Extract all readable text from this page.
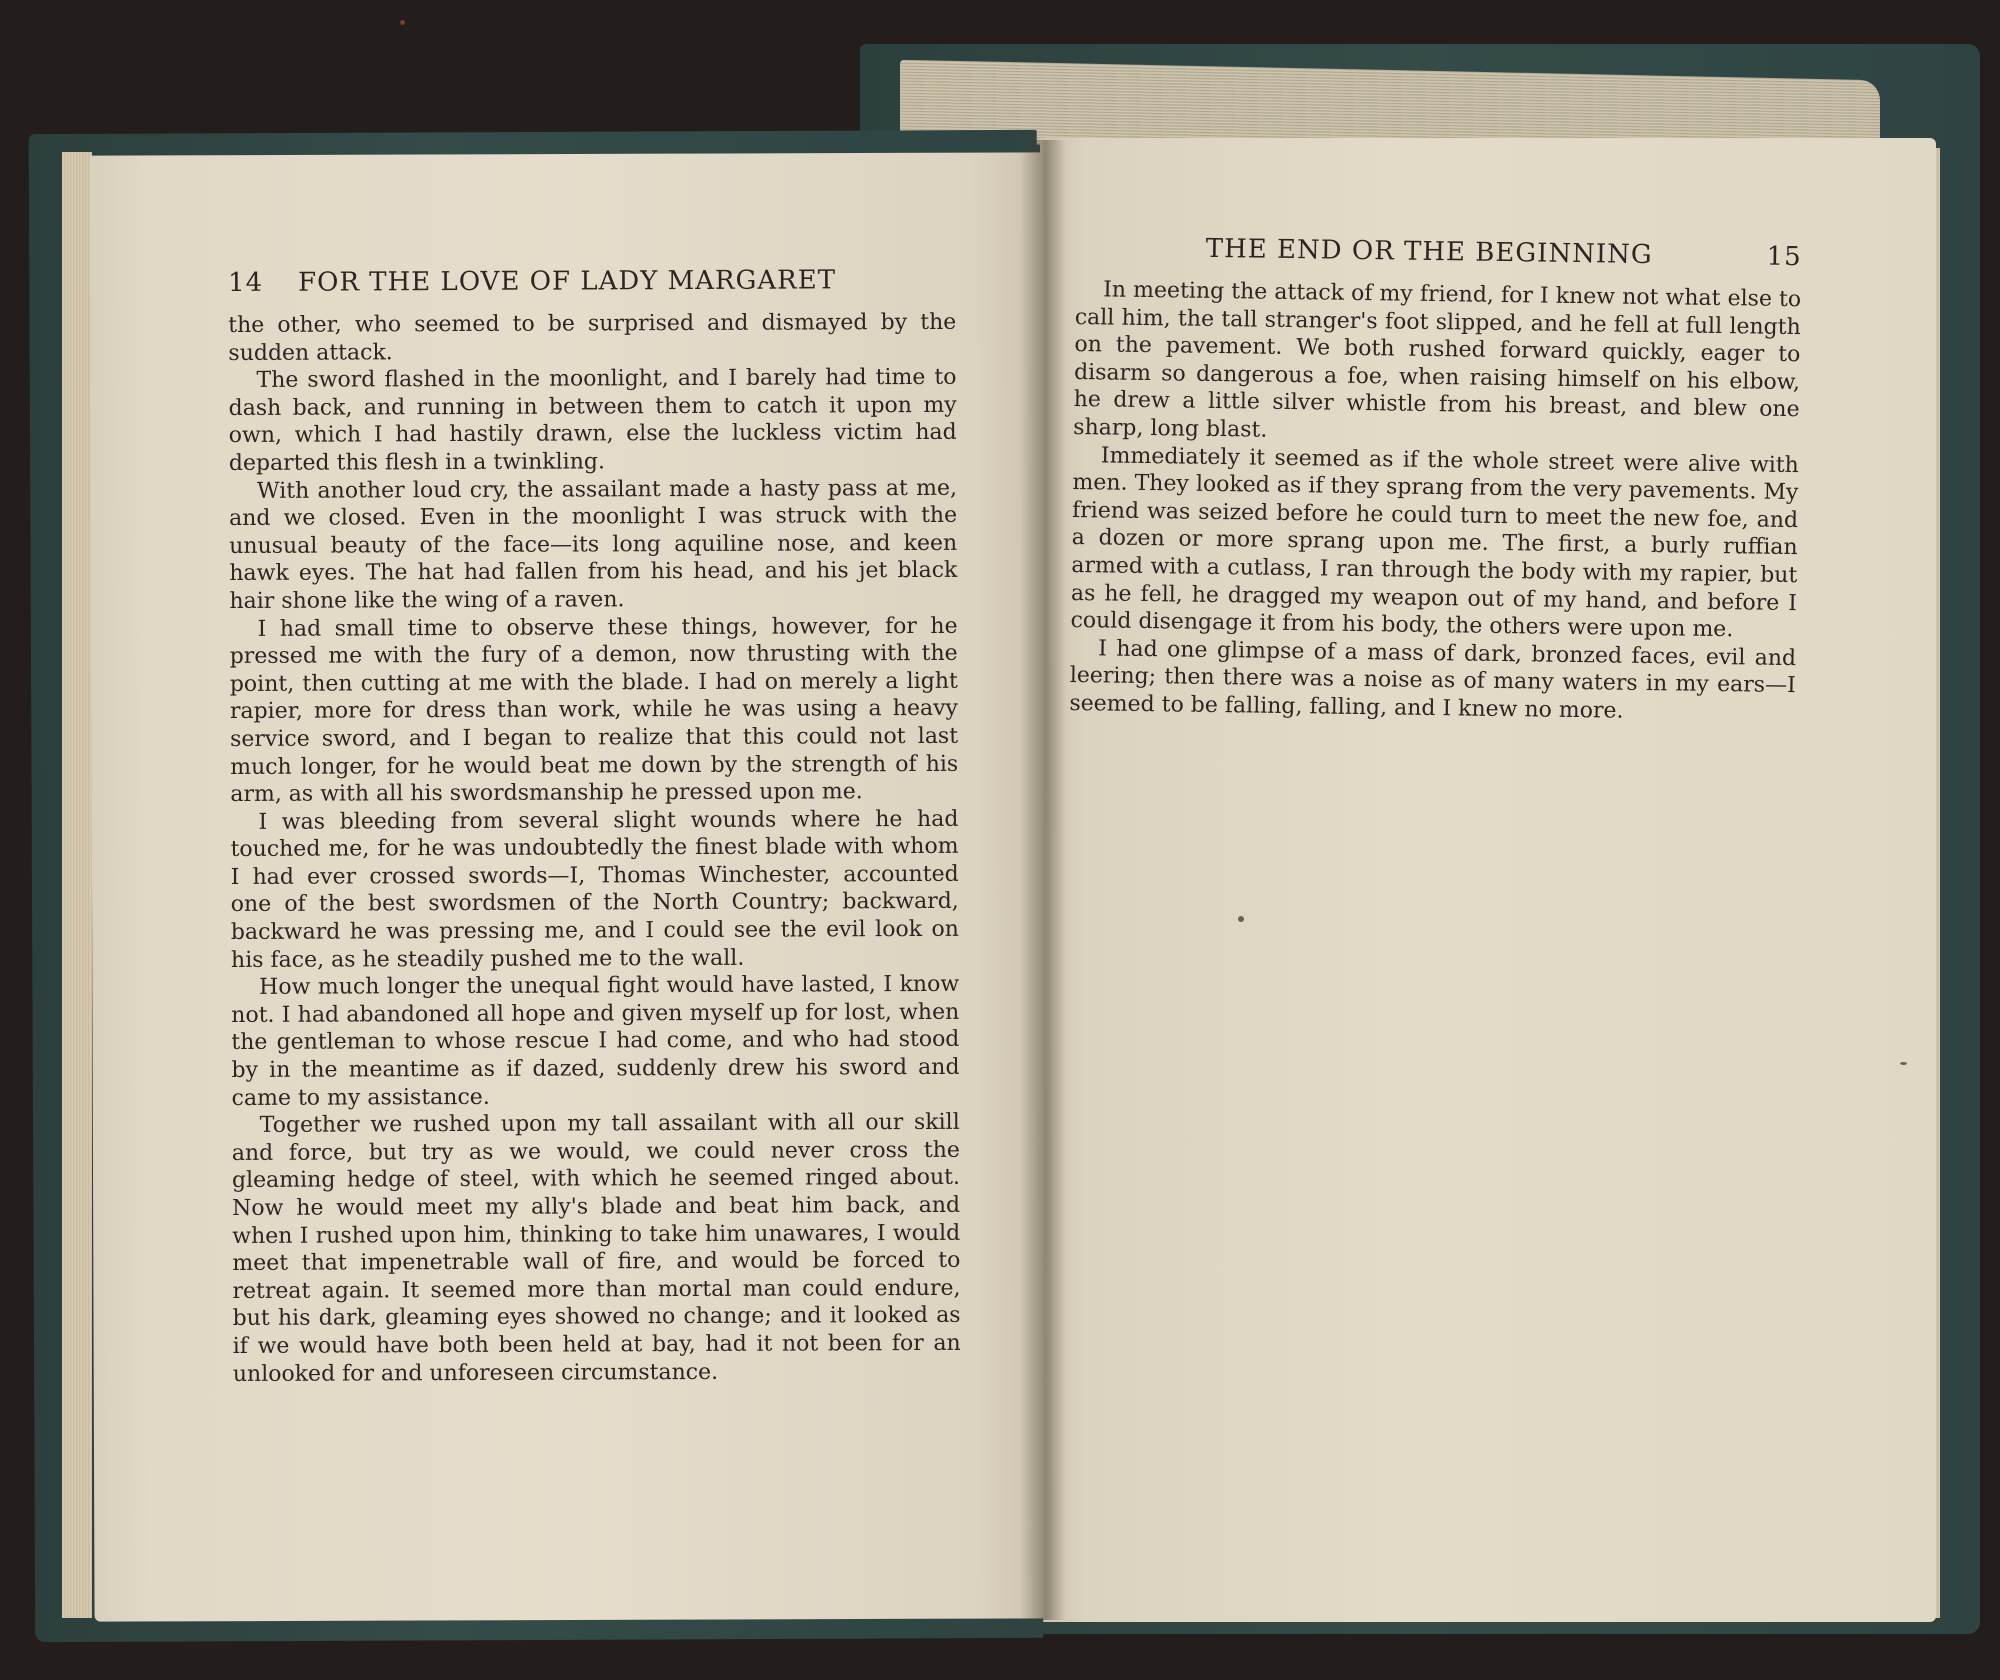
14	FOR THE LOVE OF LADY MARGARET

the other, who seemed to be surprised and dismayed by the sudden attack.

The sword flashed in the moonlight, and I barely had time to dash back, and running in between them to catch it upon my own, which I had hastily drawn, else the luckless victim had departed this flesh in a twinkling.

With another loud cry, the assailant made a hasty pass at me, and we closed. Even in the moonlight I was struck with the unusual beauty of the face—its long aquiline nose, and keen hawk eyes. The hat had fallen from his head, and his jet black hair shone like the wing of a raven.

I had small time to observe these things, however, for he pressed me with the fury of a demon, now thrusting with the point, then cutting at me with the blade. I had on merely a light rapier, more for dress than work, while he was using a heavy service sword, and I began to realize that this could not last much longer, for he would beat me down by the strength of his arm, as with all his swordsmanship he pressed upon me.

I was bleeding from several slight wounds where he had touched me, for he was undoubtedly the finest blade with whom I had ever crossed swords—I, Thomas Winchester, accounted one of the best swordsmen of the North Country; backward, backward he was pressing me, and I could see the evil look on his face, as he steadily pushed me to the wall.

How much longer the unequal fight would have lasted, I know not. I had abandoned all hope and given myself up for lost, when the gentleman to whose rescue I had come, and who had stood by in the meantime as if dazed, suddenly drew his sword and came to my assistance.

Together we rushed upon my tall assailant with all our skill and force, but try as we would, we could never cross the gleaming hedge of steel, with which he seemed ringed about. Now he would meet my ally's blade and beat him back, and when I rushed upon him, thinking to take him unawares, I would meet that impenetrable wall of fire, and would be forced to retreat again. It seemed more than mortal man could endure, but his dark, gleaming eyes showed no change; and it looked as if we would have both been held at bay, had it not been for an unlooked for and unforeseen circumstance.

THE END OR THE BEGINNING	15

In meeting the attack of my friend, for I knew not what else to call him, the tall stranger's foot slipped, and he fell at full length on the pavement. We both rushed forward quickly, eager to disarm so dangerous a foe, when raising himself on his elbow, he drew a little silver whistle from his breast, and blew one sharp, long blast.

Immediately it seemed as if the whole street were alive with men. They looked as if they sprang from the very pavements. My friend was seized before he could turn to meet the new foe, and a dozen or more sprang upon me. The first, a burly ruffian armed with a cutlass, I ran through the body with my rapier, but as he fell, he dragged my weapon out of my hand, and before I could disengage it from his body, the others were upon me.

I had one glimpse of a mass of dark, bronzed faces, evil and leering; then there was a noise as of many waters in my ears—I seemed to be falling, falling, and I knew no more.
